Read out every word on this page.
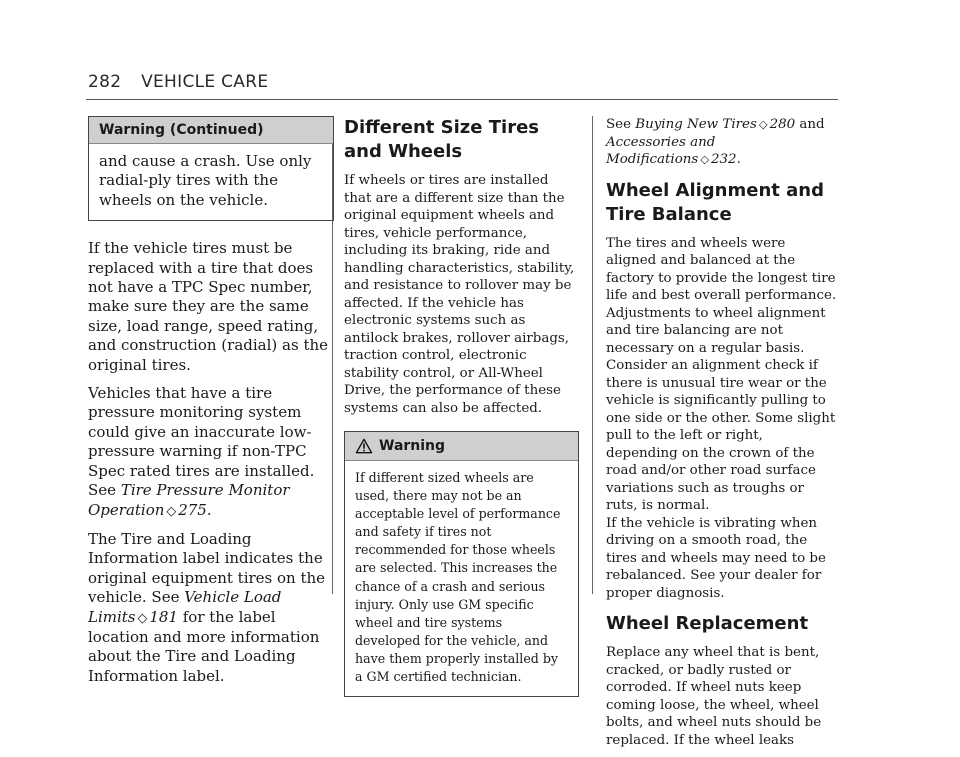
282 VEHICLE CARE
Warning (Continued)

and cause a crash. Use only radial-ply tires with the wheels on the vehicle.

If the vehicle tires must be replaced with a tire that does not have a TPC Spec number, make sure they are the same size, load range, speed rating, and construction (radial) as the original tires.

Vehicles that have a tire pressure monitoring system could give an inaccurate low-pressure warning if non-TPC Spec rated tires are installed. See Tire Pressure Monitor Operation ◇ 275.

The Tire and Loading Information label indicates the original equipment tires on the vehicle. See Vehicle Load Limits ◇ 181 for the label location and more information about the Tire and Loading Information label.

Different Size Tires and Wheels

If wheels or tires are installed that are a different size than the original equipment wheels and tires, vehicle performance, including its braking, ride and handling characteristics, stability, and resistance to rollover may be affected. If the vehicle has electronic systems such as antilock brakes, rollover airbags, traction control, electronic stability control, or All-Wheel Drive, the performance of these systems can also be affected.

Warning

If different sized wheels are used, there may not be an acceptable level of performance and safety if tires not recommended for those wheels are selected. This increases the chance of a crash and serious injury. Only use GM specific wheel and tire systems developed for the vehicle, and have them properly installed by a GM certified technician.

See Buying New Tires ◇ 280 and Accessories and Modifications ◇ 232.

Wheel Alignment and Tire Balance

The tires and wheels were aligned and balanced at the factory to provide the longest tire life and best overall performance. Adjustments to wheel alignment and tire balancing are not necessary on a regular basis. Consider an alignment check if there is unusual tire wear or the vehicle is significantly pulling to one side or the other. Some slight pull to the left or right, depending on the crown of the road and/or other road surface variations such as troughs or ruts, is normal.

If the vehicle is vibrating when driving on a smooth road, the tires and wheels may need to be rebalanced. See your dealer for proper diagnosis.

Wheel Replacement

Replace any wheel that is bent, cracked, or badly rusted or corroded. If wheel nuts keep coming loose, the wheel, wheel bolts, and wheel nuts should be replaced. If the wheel leaks
